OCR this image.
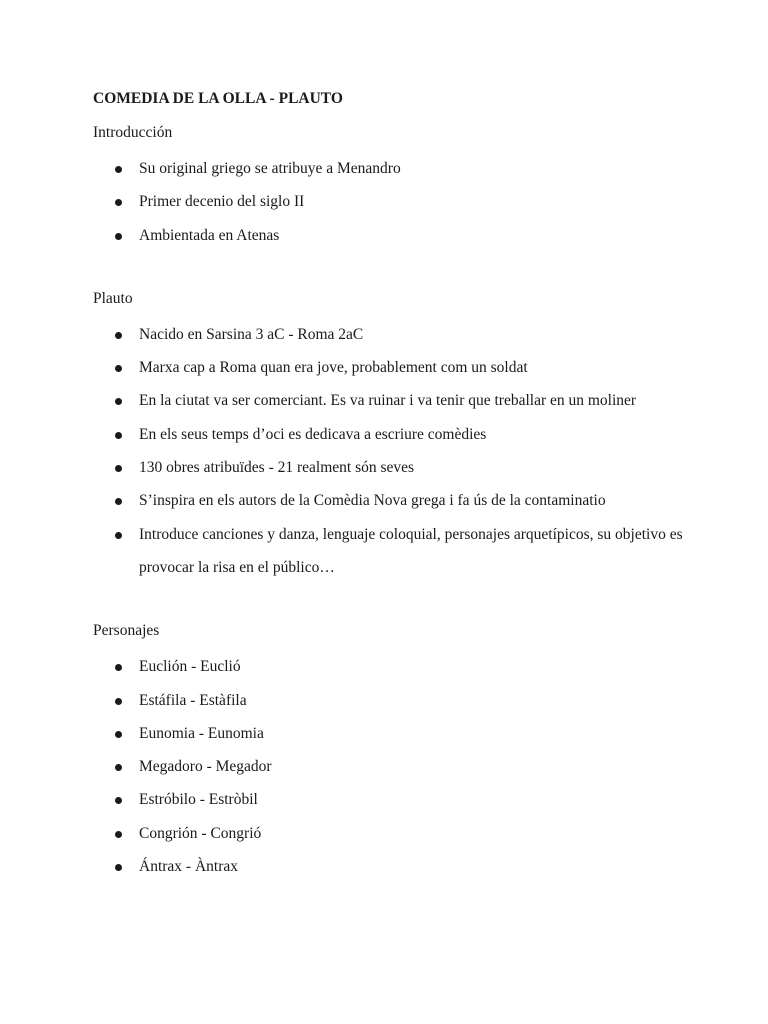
COMEDIA DE LA OLLA - PLAUTO
Introducción
Su original griego se atribuye a Menandro
Primer decenio del siglo II
Ambientada en Atenas
Plauto
Nacido en Sarsina 3 aC - Roma 2aC
Marxa cap a Roma quan era jove, probablement com un soldat
En la ciutat va ser comerciant. Es va ruinar i va tenir que treballar en un moliner
En els seus temps d’oci es dedicava a escriure comèdies
130 obres atribuïdes - 21 realment són seves
S’inspira en els autors de la Comèdia Nova grega i fa ús de la contaminatio
Introduce canciones y danza, lenguaje coloquial, personajes arquetípicos, su objetivo es provocar la risa en el público…
Personajes
Euclión - Euclió
Estáfila - Estàfila
Eunomia - Eunomia
Megadoro - Megador
Estróbilo - Estròbil
Congrión - Congrió
Ántrax - Àntrax
